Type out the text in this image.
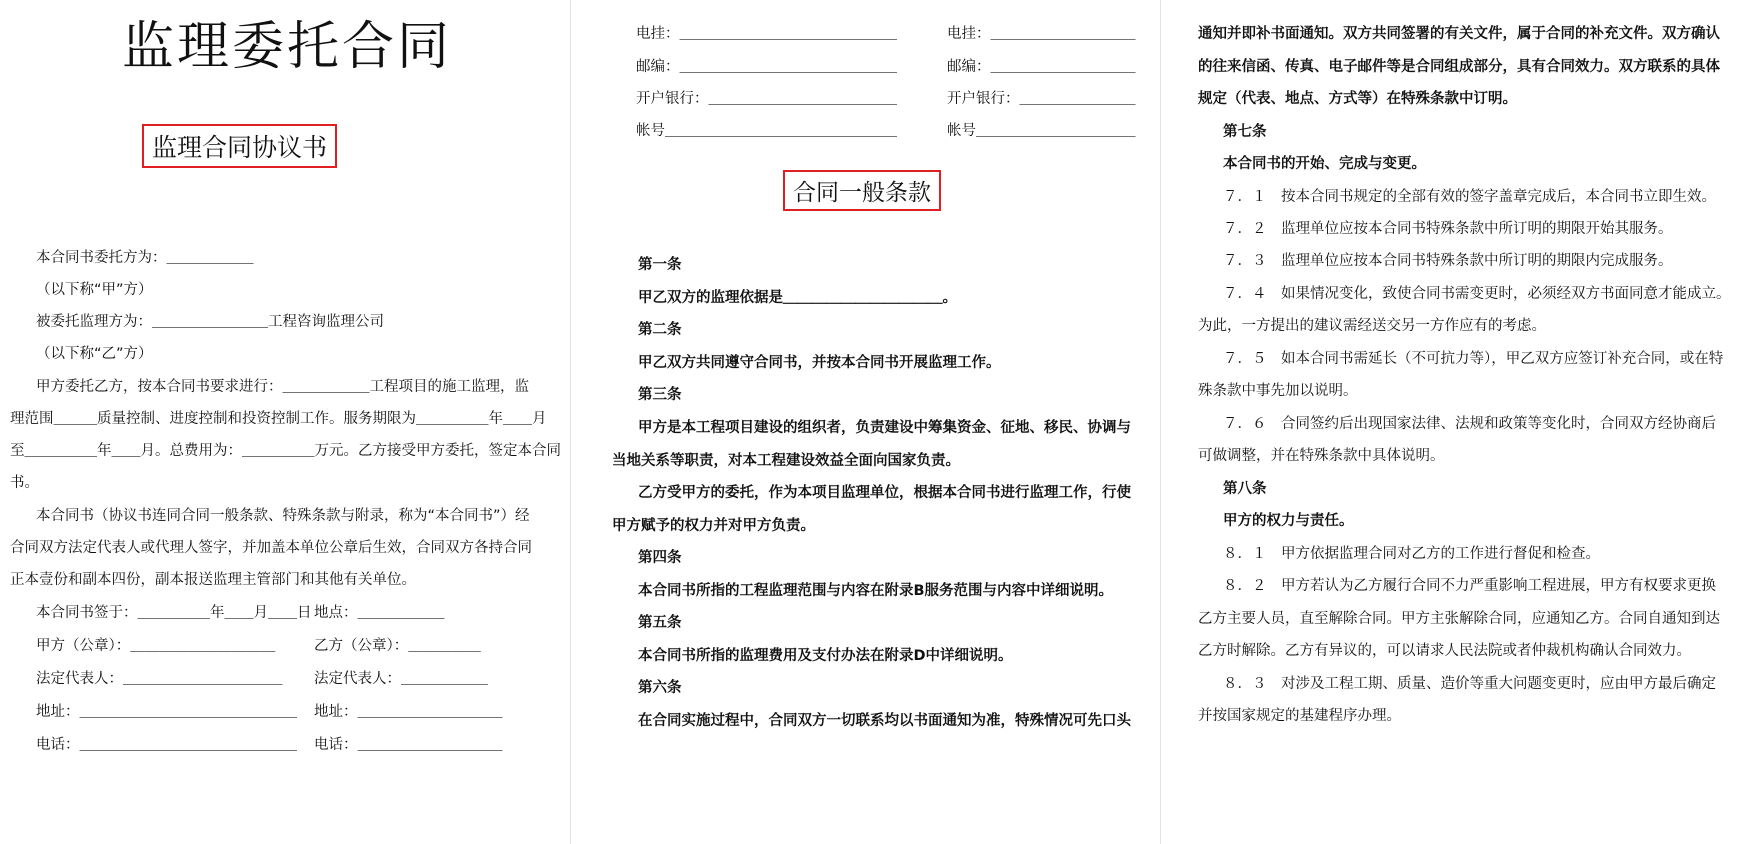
监理委托合同
监理合同协议书
本合同书委托方为：＿＿＿＿＿＿
（以下称“甲”方）
被委托监理方为：＿＿＿＿＿＿＿＿工程咨询监理公司
（以下称“乙”方）
甲方委托乙方，按本合同书要求进行：＿＿＿＿＿＿工程项目的施工监理，监
理范围＿＿＿质量控制、进度控制和投资控制工作。服务期限为＿＿＿＿＿年＿＿月
至＿＿＿＿＿年＿＿月。总费用为：＿＿＿＿＿万元。乙方接受甲方委托，签定本合同
书。
本合同书（协议书连同合同一般条款、特殊条款与附录，称为“本合同书”）经
合同双方法定代表人或代理人签字，并加盖本单位公章后生效，合同双方各持合同
正本壹份和副本四份，副本报送监理主管部门和其他有关单位。
本合同书签于：＿＿＿＿＿年＿＿月＿＿日
甲方（公章）：＿＿＿＿＿＿＿＿＿＿
法定代表人：＿＿＿＿＿＿＿＿＿＿＿
地址：＿＿＿＿＿＿＿＿＿＿＿＿＿＿＿
电话：＿＿＿＿＿＿＿＿＿＿＿＿＿＿＿
地点：＿＿＿＿＿＿
乙方（公章）：＿＿＿＿＿
法定代表人：＿＿＿＿＿＿
地址：＿＿＿＿＿＿＿＿＿＿
电话：＿＿＿＿＿＿＿＿＿＿
电挂：＿＿＿＿＿＿＿＿＿＿＿＿＿＿＿
邮编：＿＿＿＿＿＿＿＿＿＿＿＿＿＿＿
开户银行：＿＿＿＿＿＿＿＿＿＿＿＿＿
帐号＿＿＿＿＿＿＿＿＿＿＿＿＿＿＿＿
电挂：＿＿＿＿＿＿＿＿＿＿
邮编：＿＿＿＿＿＿＿＿＿＿
开户银行：＿＿＿＿＿＿＿＿
帐号＿＿＿＿＿＿＿＿＿＿＿
合同一般条款
第一条
甲乙双方的监理依据是＿＿＿＿＿＿＿＿＿＿＿。
第二条
甲乙双方共同遵守合同书，并按本合同书开展监理工作。
第三条
甲方是本工程项目建设的组织者，负责建设中筹集资金、征地、移民、协调与
当地关系等职责，对本工程建设效益全面向国家负责。
乙方受甲方的委托，作为本项目监理单位，根据本合同书进行监理工作，行使
甲方赋予的权力并对甲方负责。
第四条
本合同书所指的工程监理范围与内容在附录B服务范围与内容中详细说明。
第五条
本合同书所指的监理费用及支付办法在附录D中详细说明。
第六条
在合同实施过程中，合同双方一切联系均以书面通知为准，特殊情况可先口头
通知并即补书面通知。双方共同签署的有关文件，属于合同的补充文件。双方确认
的往来信函、传真、电子邮件等是合同组成部分，具有合同效力。双方联系的具体
规定（代表、地点、方式等）在特殊条款中订明。
第七条
本合同书的开始、完成与变更。
７．１　按本合同书规定的全部有效的签字盖章完成后，本合同书立即生效。
７．２　监理单位应按本合同书特殊条款中所订明的期限开始其服务。
７．３　监理单位应按本合同书特殊条款中所订明的期限内完成服务。
７．４　如果情况变化，致使合同书需变更时，必须经双方书面同意才能成立。
为此，一方提出的建议需经送交另一方作应有的考虑。
７．５　如本合同书需延长（不可抗力等），甲乙双方应签订补充合同，或在特
殊条款中事先加以说明。
７．６　合同签约后出现国家法律、法规和政策等变化时，合同双方经协商后
可做调整，并在特殊条款中具体说明。
第八条
甲方的权力与责任。
８．１　甲方依据监理合同对乙方的工作进行督促和检查。
８．２　甲方若认为乙方履行合同不力严重影响工程进展，甲方有权要求更换
乙方主要人员，直至解除合同。甲方主张解除合同，应通知乙方。合同自通知到达
乙方时解除。乙方有异议的，可以请求人民法院或者仲裁机构确认合同效力。
８．３　对涉及工程工期、质量、造价等重大问题变更时，应由甲方最后确定
并按国家规定的基建程序办理。
